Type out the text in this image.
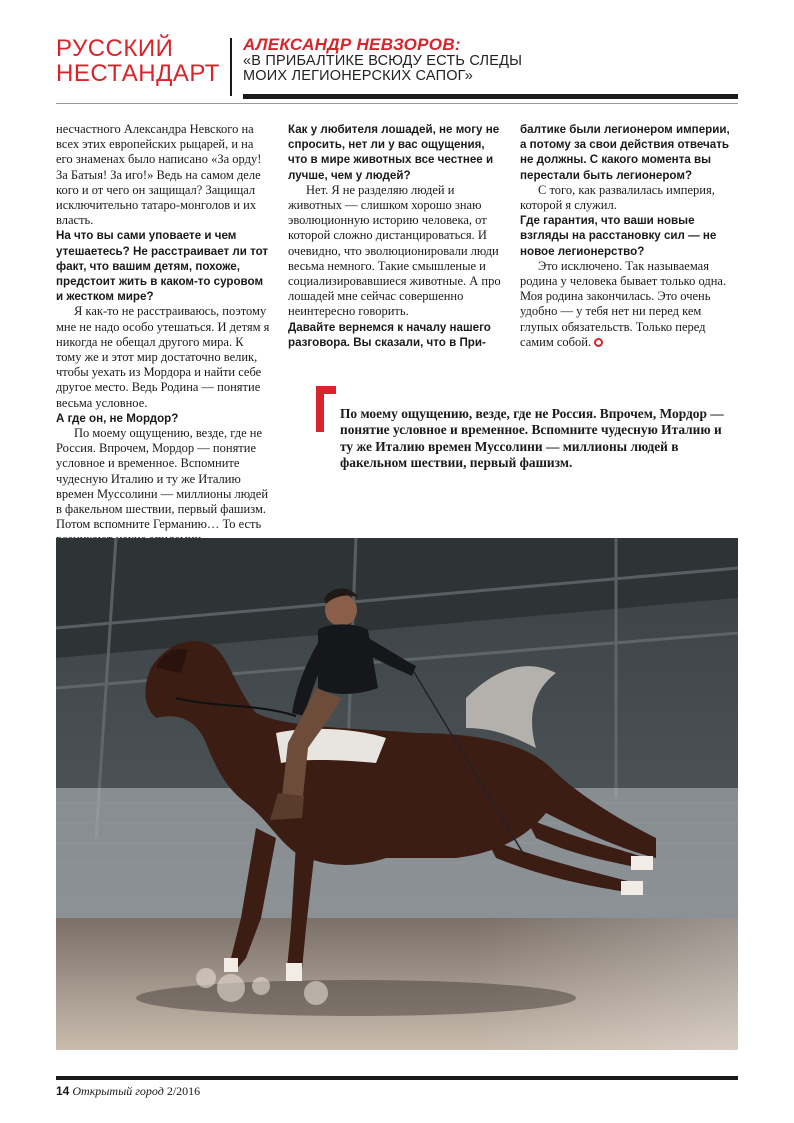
РУССКИЙ
НЕСТАНДАРТ
АЛЕКСАНДР НЕВЗОРОВ:
«В ПРИБАЛТИКЕ ВСЮДУ ЕСТЬ СЛЕДЫ
МОИХ ЛЕГИОНЕРСКИХ САПОГ»

несчастного Александра Невского на всех этих европейских рыцарей, и на его знаменах было написано «За орду! За Батыя! За иго!» Ведь на самом деле кого и от чего он защищал? Защищал исключительно татаро-монголов и их власть.

На что вы сами уповаете и чем утешаетесь? Не расстраивает ли тот факт, что вашим детям, похоже, предстоит жить в каком-то суровом и жестком мире?

Я как-то не расстраиваюсь, поэтому мне не надо особо утешаться. И детям я никогда не обещал другого мира. К тому же и этот мир достаточно велик, чтобы уехать из Мордора и найти себе другое место. Ведь Родина — понятие весьма условное.

А где он, не Мордор?

По моему ощущению, везде, где не Россия. Впрочем, Мордор — понятие условное и временное. Вспомните чудесную Италию и ту же Италию времен Муссолини — миллионы людей в факельном шествии, первый фашизм. Потом вспомните Германию… То есть

Как у любителя лошадей, не могу не спросить, нет ли у вас ощущения, что в мире животных все честнее и лучше, чем у людей?

Нет. Я не разделяю людей и животных — слишком хорошо знаю эволюционную историю человека, от которой сложно дистанцироваться. И очевидно, что эволюционировали люди весьма немного. Такие смышленые и социализировавшиеся животные. А про лошадей мне сейчас совершенно неинтересно говорить.

Давайте вернемся к началу нашего разговора. Вы сказали, что в При-

балтике были легионером империи, а потому за свои действия отвечать не должны. С какого момента вы перестали быть легионером?

С того, как развалилась империя, которой я служил.

Где гарантия, что ваши новые взгляды на расстановку сил — не новое легионерство?

Это исключено. Так называемая родина у человека бывает только одна. Моя родина закончилась. Это очень удобно — у тебя нет ни перед кем глупых обязательств. Только перед самим собой.

По моему ощущению, везде, где не Россия. Впрочем, Мордор — понятие условное и временное. Вспомните чудесную Италию и ту же Италию времен Муссолини — миллионы людей в факельном шествии, первый фашизм.
14 Открытый город 2/2016
